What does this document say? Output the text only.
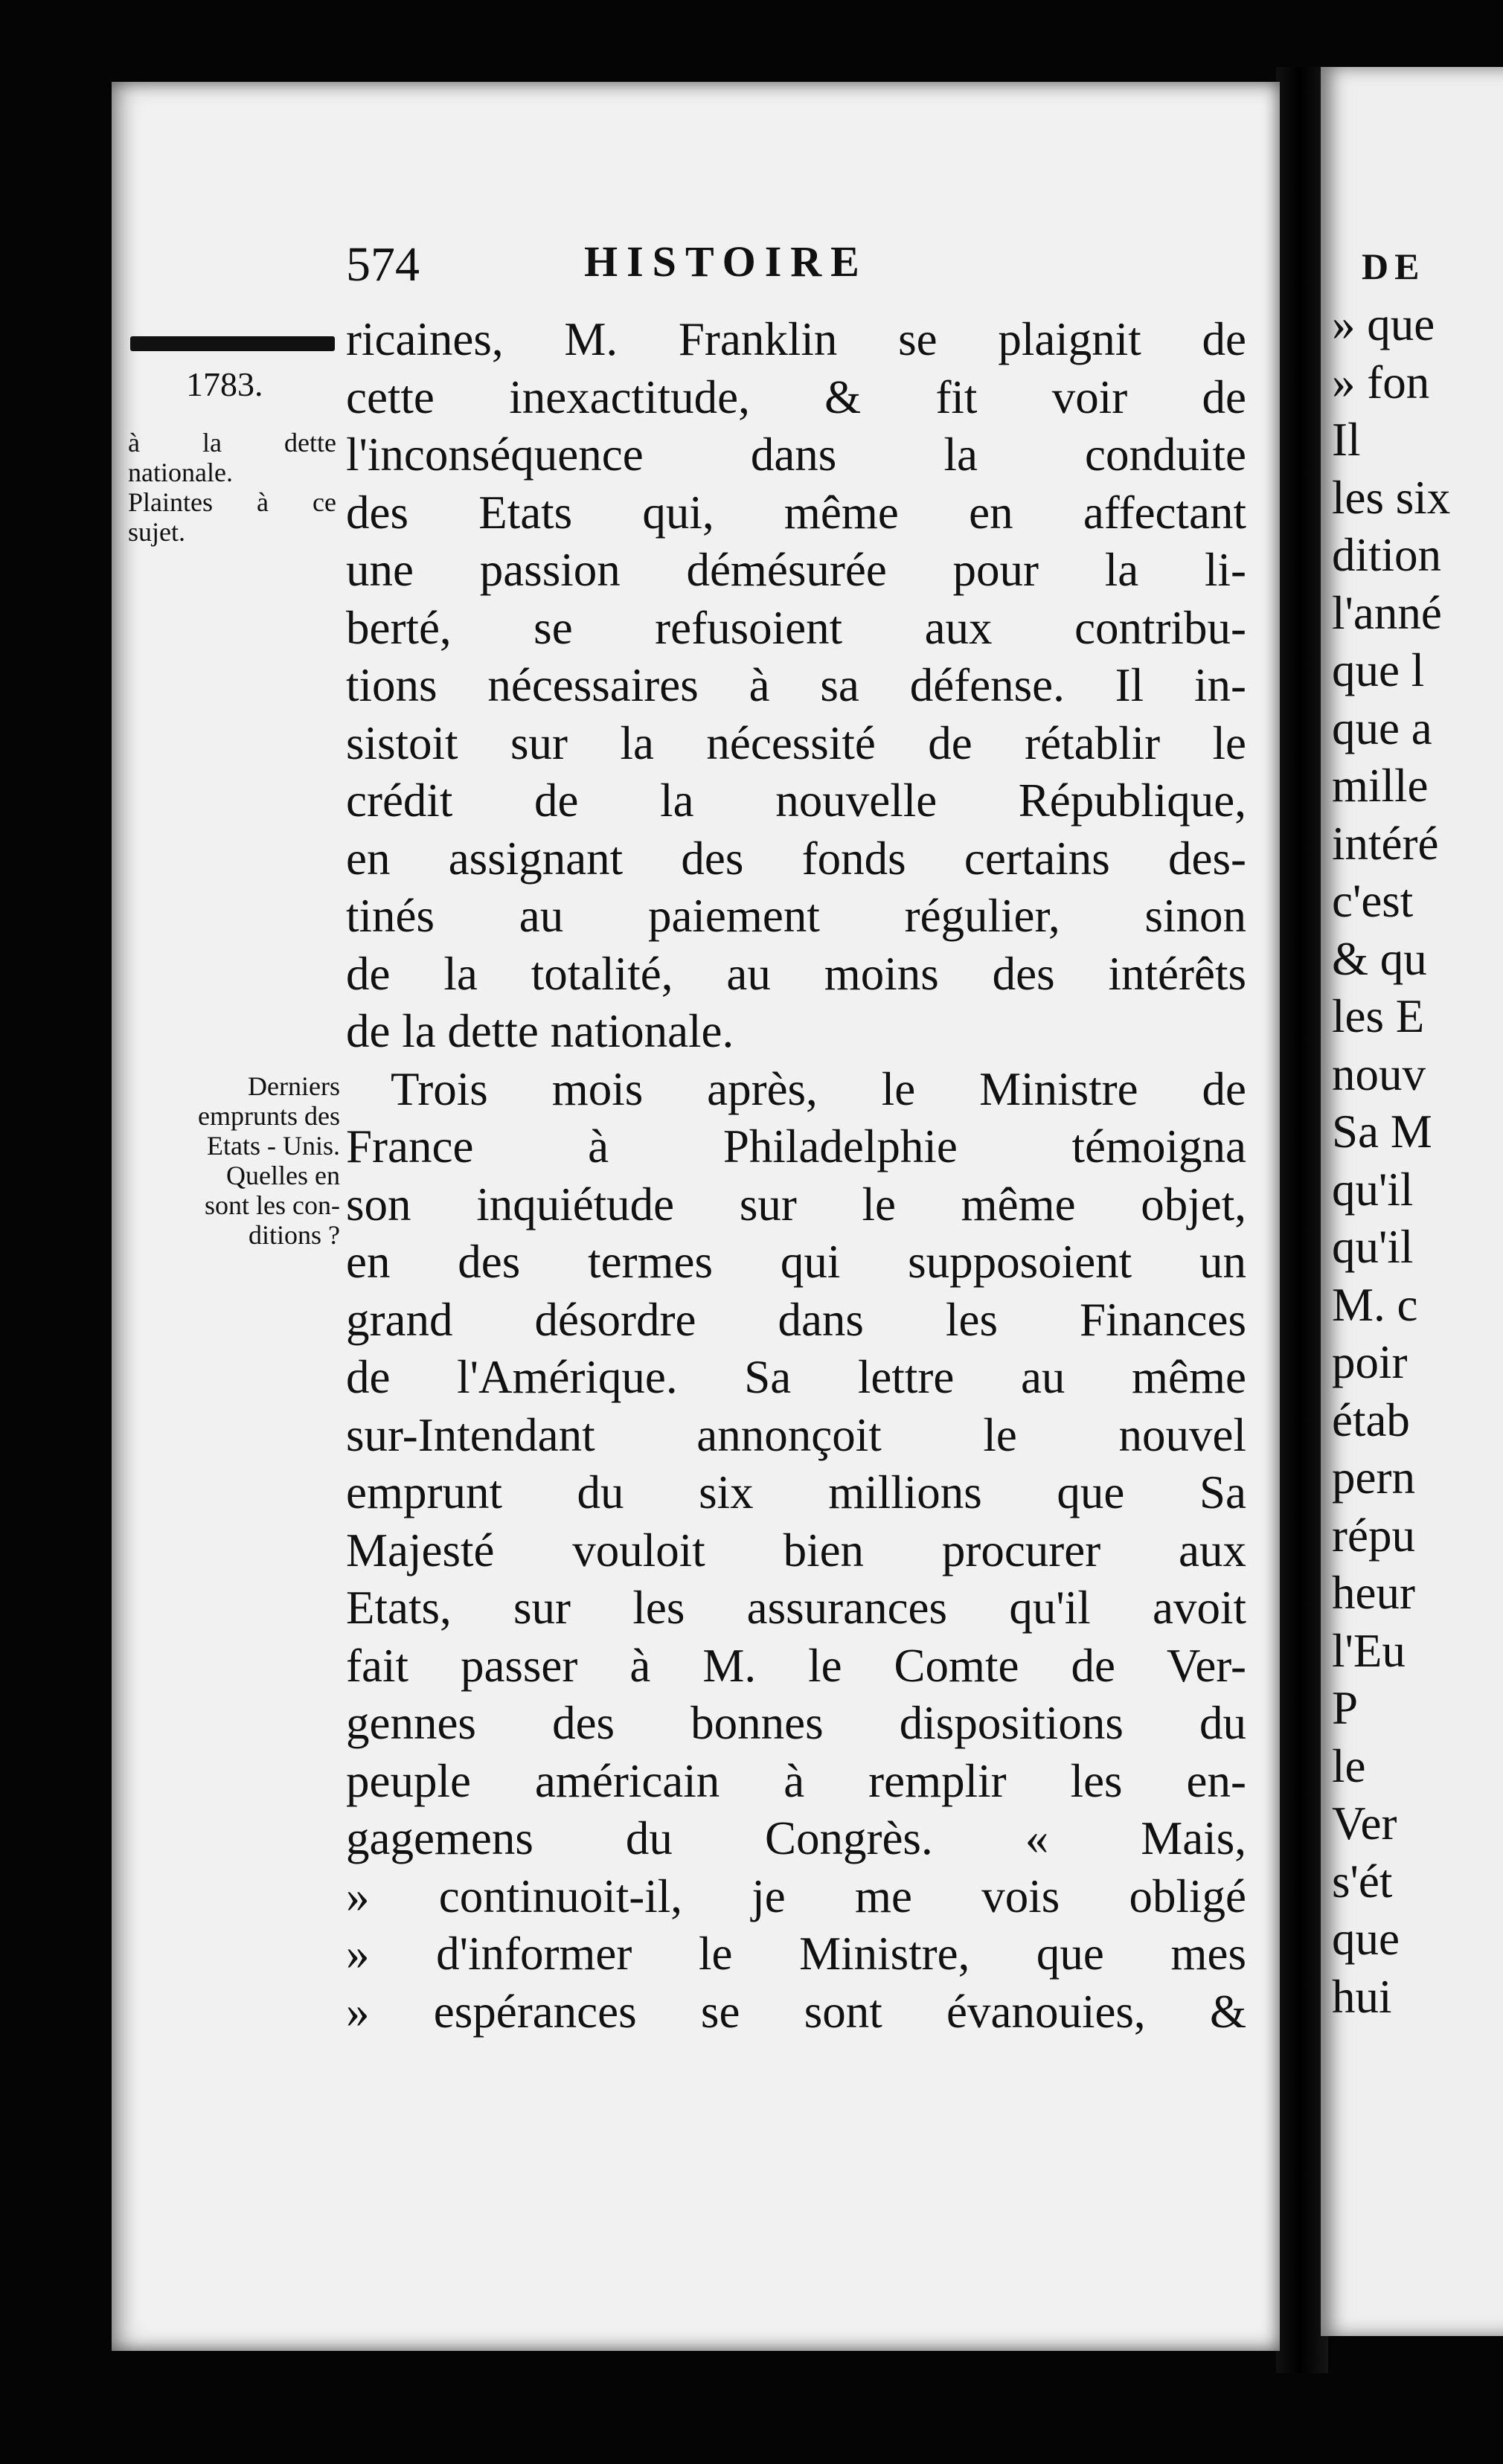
574	HISTOIRE
1783.
à la dette
nationale.
Plaintes à ce
sujet.
Derniers
emprunts des
Etats - Unis.
Quelles en
sont les con-
ditions ?
ricaines, M. Franklin se plaignit de
cette inexactitude, & fit voir de
l'inconséquence dans la conduite
des Etats qui, même en affectant
une passion démésurée pour la li-
berté, se refusoient aux contribu-
tions nécessaires à sa défense. Il in-
sistoit sur la nécessité de rétablir le
crédit de la nouvelle République,
en assignant des fonds certains des-
tinés au paiement régulier, sinon
de la totalité, au moins des intérêts
de la dette nationale.
Trois mois après, le Ministre de
France à Philadelphie témoigna
son inquiétude sur le même objet,
en des termes qui supposoient un
grand désordre dans les Finances
de l'Amérique. Sa lettre au même
sur-Intendant annonçoit le nouvel
emprunt du six millions que Sa
Majesté vouloit bien procurer aux
Etats, sur les assurances qu'il avoit
fait passer à M. le Comte de Ver-
gennes des bonnes dispositions du
peuple américain à remplir les en-
gagemens du Congrès. « Mais,
» continuoit-il, je me vois obligé
» d'informer le Ministre, que mes
» espérances se sont évanouies, &
DE
» que
» fon
Il
les six
dition
l'anné
que l
que a
mille
intéré
c'est
& qu
les E
nouv
Sa M
qu'il
qu'il
M. c
poir
étab
pern
répu
heur
l'Eu
P
le
Ver
s'ét
que
hui
